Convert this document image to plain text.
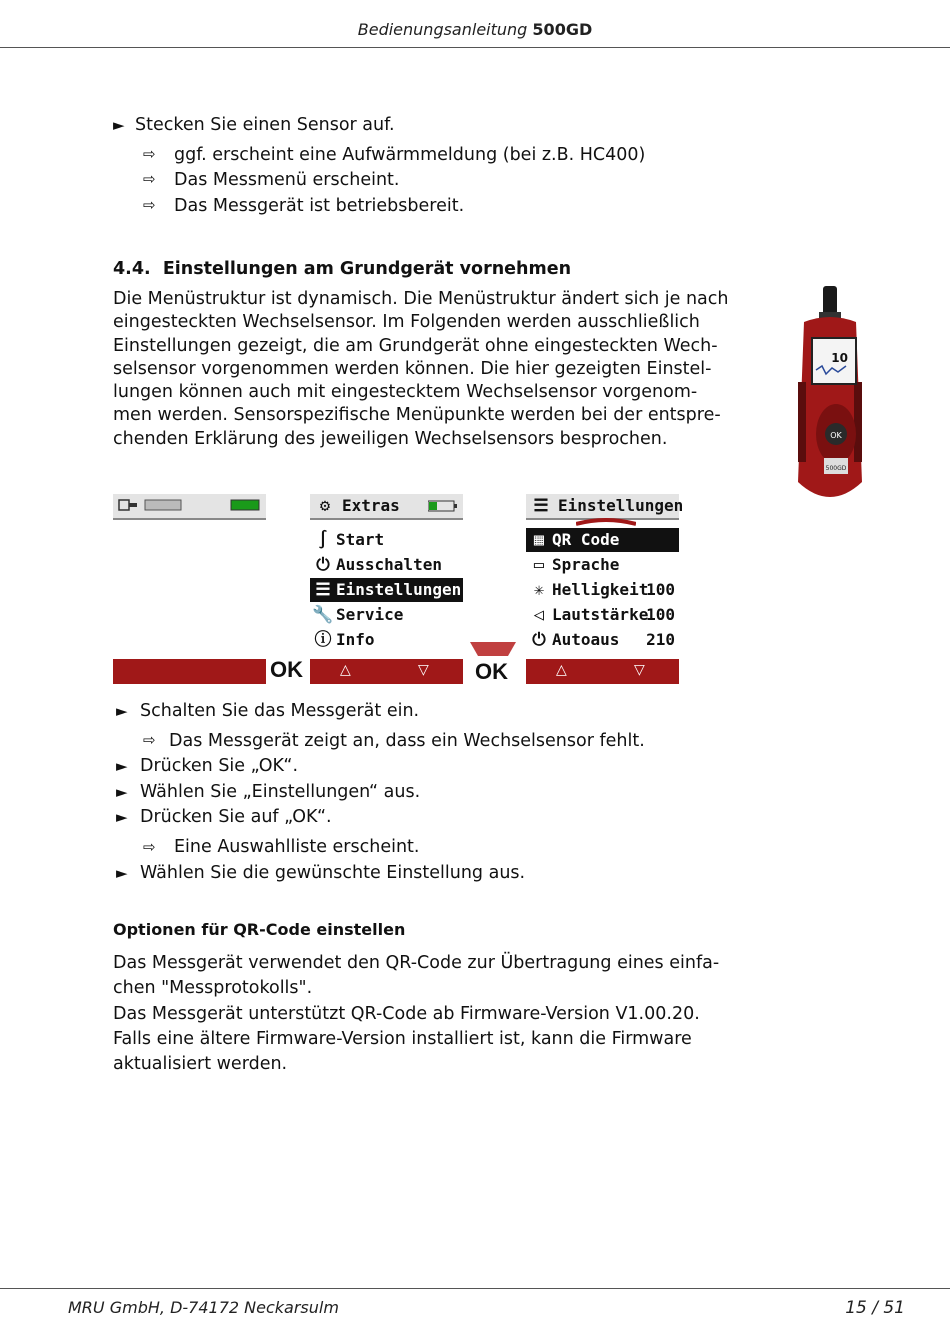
Bedienungsanleitung 500GD
► Stecken Sie einen Sensor auf.
⇨ ggf. erscheint eine Aufwärmmeldung (bei z.B. HC400)
⇨ Das Messmenü erscheint.
⇨ Das Messgerät ist betriebsbereit.
4.4. Einstellungen am Grundgerät vornehmen
Die Menüstruktur ist dynamisch. Die Menüstruktur ändert sich je nach
eingesteckten Wechselsensor. Im Folgenden werden ausschließlich
Einstellungen gezeigt, die am Grundgerät ohne eingesteckten Wech-
selsensor vorgenommen werden können. Die hier gezeigten Einstel-
lungen können auch mit eingestecktem Wechselsensor vorgenom-
men werden. Sensorspezifische Menüpunkte werden bei der entspre-
chenden Erklärung des jeweiligen Wechselsensors besprochen.
10
OK
500GD
OK
⚙ Extras
∫ Start
⏻ Ausschalten
☰ Einstellungen
🔧 Service
ⓘ Info
△	▽ OK
☰ Einstellungen
▦ QR Code
▭ Sprache
✳ Helligkeit
100
◁ Lautstärke
100
⏻ Autoaus 210
△	▽
► Schalten Sie das Messgerät ein.
⇨ Das Messgerät zeigt an, dass ein Wechselsensor fehlt.
► Drücken Sie „OK“.
► Wählen Sie „Einstellungen“ aus.
► Drücken Sie auf „OK“.
⇨ Eine Auswahlliste erscheint.
► Wählen Sie die gewünschte Einstellung aus.
Optionen für QR-Code einstellen
Das Messgerät verwendet den QR-Code zur Übertragung eines einfa-
chen "Messprotokolls".
Das Messgerät unterstützt QR-Code ab Firmware-Version V1.00.20.
Falls eine ältere Firmware-Version installiert ist, kann die Firmware
aktualisiert werden.
MRU GmbH, D-74172 Neckarsulm	15 / 51
